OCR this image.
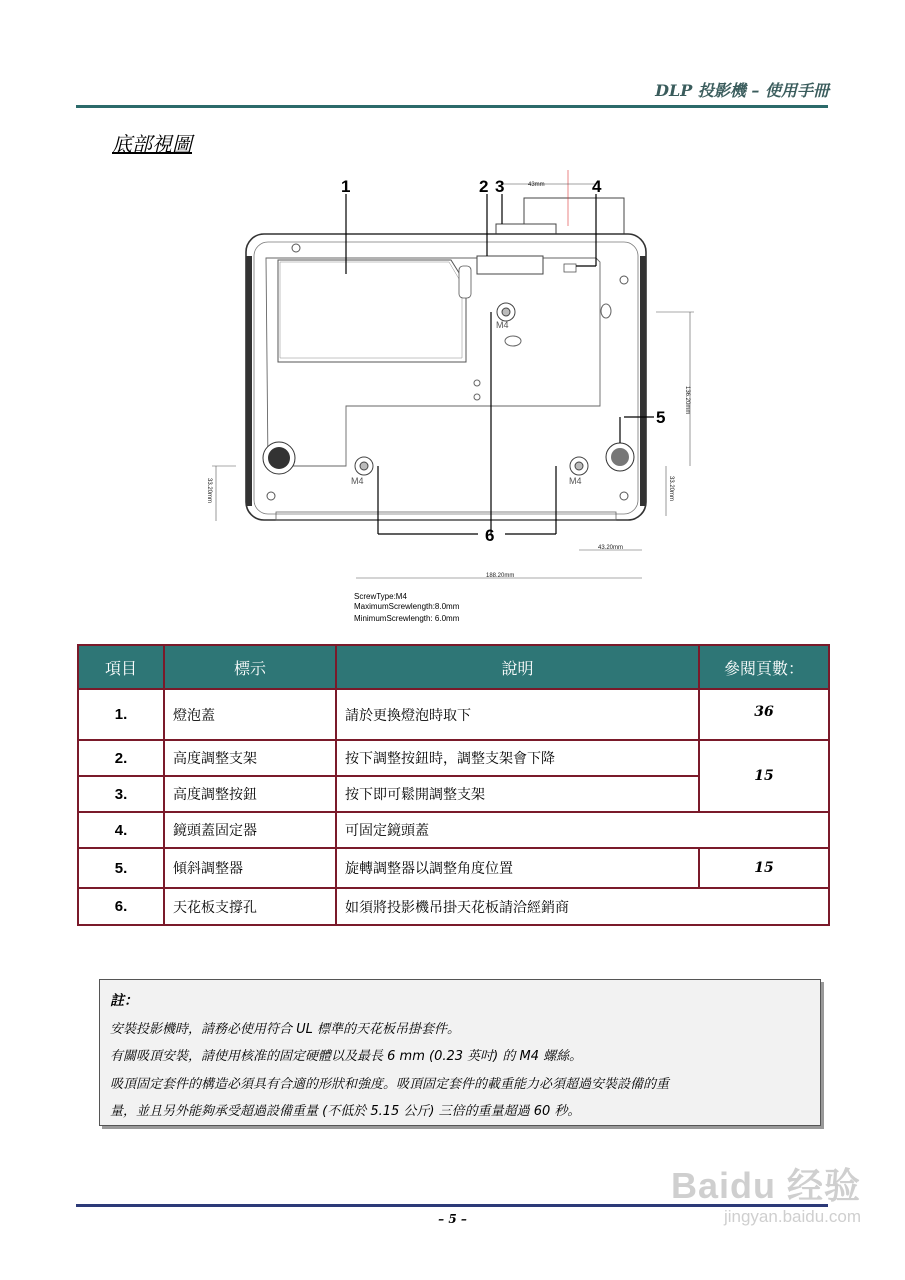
DLP 投影機 – 使用手冊
底部視圖
43mm
M4
M4	M4
1	2 3	4
5
6
136.20mm
33.20mm
33.20mm
43.20mm
188.20mm
ScrewType:M4
MaximumScrewlength:8.0mm
MinimumScrewlength: 6.0mm
項目	標示	說明	參閱頁數：
1.	燈泡蓋	請於更換燈泡時取下	36
2.	高度調整支架	按下調整按鈕時，調整支架會下降	15
3.	高度調整按鈕	按下即可鬆開調整支架	
4.	鏡頭蓋固定器	可固定鏡頭蓋	
5.	傾斜調整器	旋轉調整器以調整角度位置	15
6.	天花板支撐孔	如須將投影機吊掛天花板請洽經銷商	
註：
安裝投影機時，請務必使用符合 UL 標準的天花板吊掛套件。
有關吸頂安裝，請使用核准的固定硬體以及最長 6 mm (0.23 英吋) 的 M4 螺絲。
吸頂固定套件的構造必須具有合適的形狀和強度。吸頂固定套件的載重能力必須超過安裝設備的重
量，並且另外能夠承受超過設備重量 (不低於 5.15 公斤) 三倍的重量超過 60 秒。
– 5 –
Baidu 经验
jingyan.baidu.com
